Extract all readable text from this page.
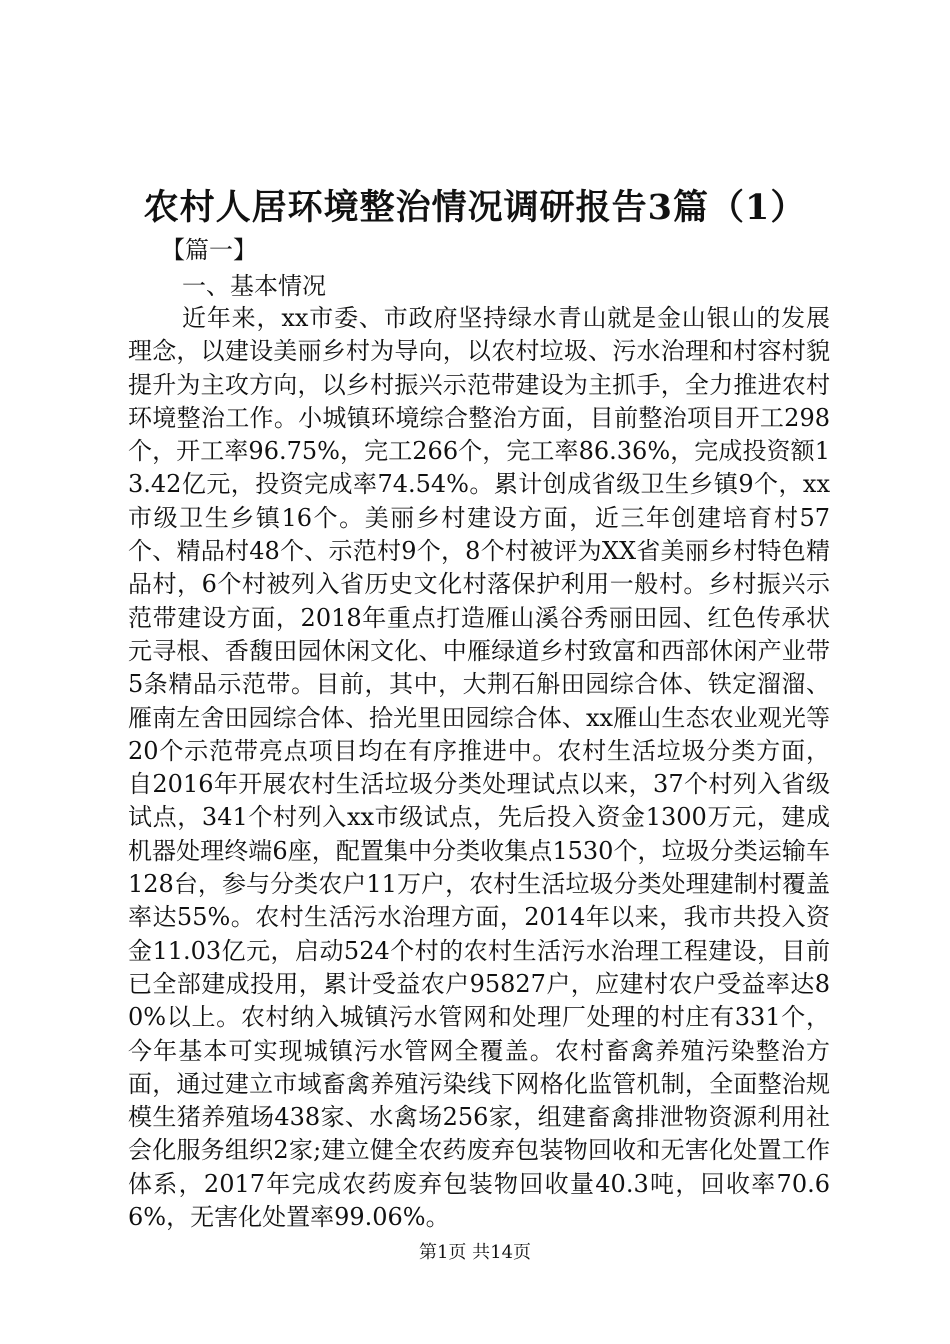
农村人居环境整治情况调研报告3篇（1）
【篇一】
一、基本情况

近年来，xx市委、市政府坚持绿水青山就是金山银山的发展理念，以建设美丽乡村为导向，以农村垃圾、污水治理和村容村貌提升为主攻方向，以乡村振兴示范带建设为主抓手，全力推进农村环境整治工作。小城镇环境综合整治方面，目前整治项目开工298个，开工率96.75%，完工266个，完工率86.36%，完成投资额13.42亿元，投资完成率74.54%。累计创成省级卫生乡镇9个，xx市级卫生乡镇16个。美丽乡村建设方面，近三年创建培育村57个、精品村48个、示范村9个，8个村被评为XX省美丽乡村特色精品村，6个村被列入省历史文化村落保护利用一般村。乡村振兴示范带建设方面，2018年重点打造雁山溪谷秀丽田园、红色传承状元寻根、香馥田园休闲文化、中雁绿道乡村致富和西部休闲产业带5条精品示范带。目前，其中，大荆石斛田园综合体、铁定溜溜、雁南左舍田园综合体、拾光里田园综合体、xx雁山生态农业观光等20个示范带亮点项目均在有序推进中。农村生活垃圾分类方面，自2016年开展农村生活垃圾分类处理试点以来，37个村列入省级试点，341个村列入xx市级试点，先后投入资金1300万元，建成机器处理终端6座，配置集中分类收集点1530个，垃圾分类运输车128台，参与分类农户11万户，农村生活垃圾分类处理建制村覆盖率达55%。农村生活污水治理方面，2014年以来，我市共投入资金11.03亿元，启动524个村的农村生活污水治理工程建设，目前已全部建成投用，累计受益农户95827户，应建村农户受益率达80%以上。农村纳入城镇污水管网和处理厂处理的村庄有331个，今年基本可实现城镇污水管网全覆盖。农村畜禽养殖污染整治方面，通过建立市域畜禽养殖污染线下网格化监管机制，全面整治规模生猪养殖场438家、水禽场256家，组建畜禽排泄物资源利用社会化服务组织2家;建立健全农药废弃包装物回收和无害化处置工作体系，2017年完成农药废弃包装物回收量40.3吨，回收率70.66%，无害化处置率99.06%。

第1页 共14页
